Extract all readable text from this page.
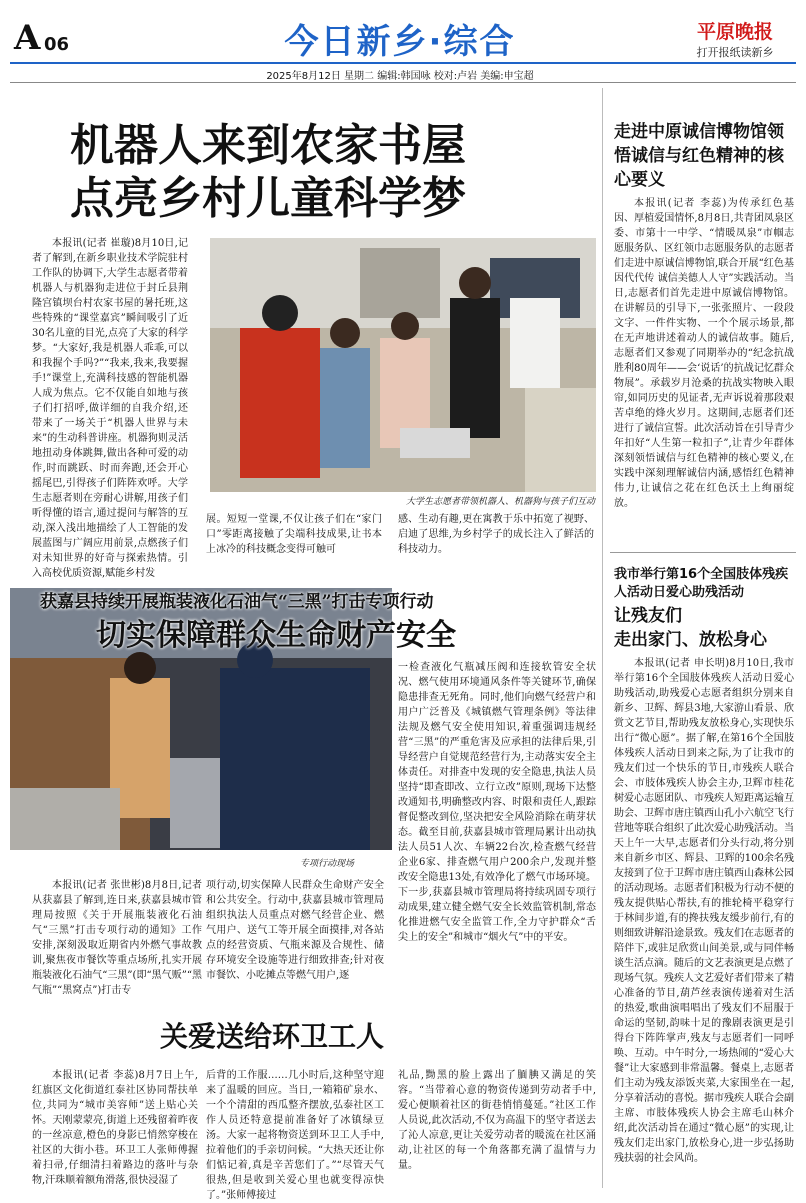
A 06	今日新乡·综合	平原晚报
打开报纸读新乡
2025年8月12日 星期二 编辑:韩国咏 校对:卢岩 美编:申宝超
机器人来到农家书屋
点亮乡村儿童科学梦

本报讯(记者 崔璇)8月10日,记者了解到,在新乡职业技术学院驻村工作队的协调下,大学生志愿者带着机器人与机器狗走进位于封丘县荆隆宫镇坝台村农家书屋的暑托班,这些特殊的“课堂嘉宾”瞬间吸引了近30名儿童的目光,点亮了大家的科学梦。“大家好,我是机器人乖乖,可以和我握个手吗?”“我来,我来,我要握手!”课堂上,充满科技感的智能机器人成为焦点。它不仅能自如地与孩子们打招呼,做详细的自我介绍,还带来了一场关于“机器人世界与未来”的生动科普讲座。机器狗则灵活地扭动身体跳舞,做出各种可爱的动作,时而跳跃、时而奔跑,还会开心摇尾巴,引得孩子们阵阵欢呼。大学生志愿者则在旁耐心讲解,用孩子们听得懂的语言,通过提问与解答的互动,深入浅出地描绘了人工智能的发展蓝图与广阔应用前景,点燃孩子们对未知世界的好奇与探索热情。引入高校优质资源,赋能乡村发

大学生志愿者带领机器人、机器狗与孩子们互动

展。短短一堂课,不仅让孩子们在“家门口”零距离接触了尖端科技成果,让书本上冰冷的科技概念变得可触可

感、生动有趣,更在寓教于乐中拓宽了视野、启迪了思维,为乡村学子的成长注入了鲜活的科技动力。

获嘉县持续开展瓶装液化石油气“三黑”打击专项行动
切实保障群众生命财产安全
专项行动现场

一检查液化气瓶减压阀和连接软管安全状况、燃气使用环境通风条件等关键环节,确保隐患排查无死角。同时,他们向燃气经营户和用户广泛普及《城镇燃气管理条例》等法律法规及燃气安全使用知识,着重强调违规经营“三黑”的严重危害及应承担的法律后果,引导经营户自觉规范经营行为,主动落实安全主体责任。对排查中发现的安全隐患,执法人员坚持“即查即改、立行立改”原则,现场下达整改通知书,明确整改内容、时限和责任人,跟踪督促整改到位,坚决把安全风险消除在萌芽状态。截至目前,获嘉县城市管理局累计出动执法人员51人次、车辆22台次,检查燃气经营企业6家、排查燃气用户200余户,发现并整改安全隐患13处,有效净化了燃气市场环境。下一步,获嘉县城市管理局将持续巩固专项行动成果,建立健全燃气安全长效监管机制,常态化推进燃气安全监管工作,全力守护群众“舌尖上的安全”和城市“烟火气”中的平安。

本报讯(记者 张世彬)8月8日,记者从获嘉县了解到,连日来,获嘉县城市管理局按照《关于开展瓶装液化石油气“三黑”打击专项行动的通知》工作安排,深刻汲取近期省内外燃气事故教训,聚焦夜市餐饮等重点场所,扎实开展瓶装液化石油气“三黑”(即“黑气贩”“黑气瓶”“黑窝点”)打击专

项行动,切实保障人民群众生命财产安全和公共安全。行动中,获嘉县城市管理局组织执法人员重点对燃气经营企业、燃气用户、送气工等开展全面摸排,对各站点的经营资质、气瓶来源及合规性、储存环境安全设施等进行细致排查;针对夜市餐饮、小吃摊点等燃气用户,逐

关爱送给环卫工人

本报讯(记者 李蕊)8月7日上午,红旗区文化街道红泰社区协同帮扶单位,共同为“城市美容师”送上贴心关怀。天刚蒙蒙亮,街道上还残留着昨夜的一丝凉意,橙色的身影已悄然穿梭在社区的大街小巷。环卫工人张师傅握着扫帚,仔细清扫着路边的落叶与杂物,汗珠顺着额角滑落,很快浸湿了

后背的工作服……几小时后,这种坚守迎来了温暖的回应。当日,一箱箱矿泉水、一个个清甜的西瓜整齐摆放,弘泰社区工作人员还特意提前准备好了冰镇绿豆汤。大家一起将物资送到环卫工人手中,拉着他们的手亲切问候。“大热天还让你们惦记着,真是辛苦您们了。”“尽管天气很热,但是收到关爱心里也就变得凉快了。”张师傅接过

礼品,黝黑的脸上露出了腼腆又满足的笑容。“当带着心意的物资传递到劳动者手中,爱心便顺着社区的街巷悄悄蔓延。”社区工作人员说,此次活动,不仅为高温下的坚守者送去了沁人凉意,更让关爱劳动者的暖流在社区涌动,让社区的每一个角落都充满了温情与力量。

走进中原诚信博物馆领悟诚信与红色精神的核心要义

本报讯(记者 李蕊)为传承红色基因、厚植爱国情怀,8月8日,共青团凤泉区委、市第十一中学、“情暖凤泉”市帼志愿服务队、区红领巾志愿服务队的志愿者们走进中原诚信博物馆,联合开展“红色基因代代传 诚信美德人人守”实践活动。当日,志愿者们首先走进中原诚信博物馆。在讲解员的引导下,一张张照片、一段段文字、一件件实物、一个个展示场景,都在无声地讲述着动人的诚信故事。随后,志愿者们又参观了同期举办的“纪念抗战胜利80周年——会‘说话’的抗战记忆群众物展”。承载岁月沧桑的抗战实物映入眼帘,如同历史的见证者,无声诉说着那段艰苦卓绝的烽火岁月。这期间,志愿者们还进行了诚信宣誓。此次活动旨在引导青少年扣好“人生第一粒扣子”,让青少年群体深刻领悟诚信与红色精神的核心要义,在实践中深刻理解诚信内涵,感悟红色精神伟力,让诚信之花在红色沃土上绚丽绽放。

我市举行第16个全国肢体残疾人活动日爱心助残活动
让残友们
走出家门、放松身心

本报讯(记者 申长明)8月10日,我市举行第16个全国肢体残疾人活动日爱心助残活动,助残爱心志愿者组织分别来自新乡、卫辉、辉县3地,大家游山看景、欣赏文艺节目,帮助残友放松身心,实现快乐出行“微心愿”。据了解,在第16个全国肢体残疾人活动日到来之际,为了让我市的残友们过一个快乐的节日,市残疾人联合会、市肢体残疾人协会主办,卫辉市桂花树爱心志愿团队、市残疾人短距离运输互助会、卫辉市唐庄镇西山孔小六航空飞行营地等联合组织了此次爱心助残活动。当天上午一大早,志愿者们分头行动,将分别来自新乡市区、辉县、卫辉的100余名残友接到了位于卫辉市唐庄镇西山森林公园的活动现场。志愿者们积极为行动不便的残友提供贴心帮扶,有的推轮椅平稳穿行于林间步道,有的搀扶残友缓步前行,有的则细致讲解沿途景致。残友们在志愿者的陪伴下,或驻足欣赏山间美景,或与同伴畅谈生活点滴。随后的文艺表演更是点燃了现场气氛。残疾人文艺爱好者们带来了精心准备的节目,葫芦丝表演传递着对生活的热爱,歌曲演唱唱出了残友们不屈服于命运的坚韧,韵味十足的豫剧表演更是引得台下阵阵掌声,残友与志愿者们一同呼唤、互动。中午时分,一场热闹的“爱心大餐”让大家感到非常温馨。餐桌上,志愿者们主动为残友添饭夹菜,大家围坐在一起,分享着活动的喜悦。据市残疾人联合会副主席、市肢体残疾人协会主席毛山林介绍,此次活动旨在通过“微心愿”的实现,让残友们走出家门,放松身心,进一步弘扬助残扶弱的社会风尚。
